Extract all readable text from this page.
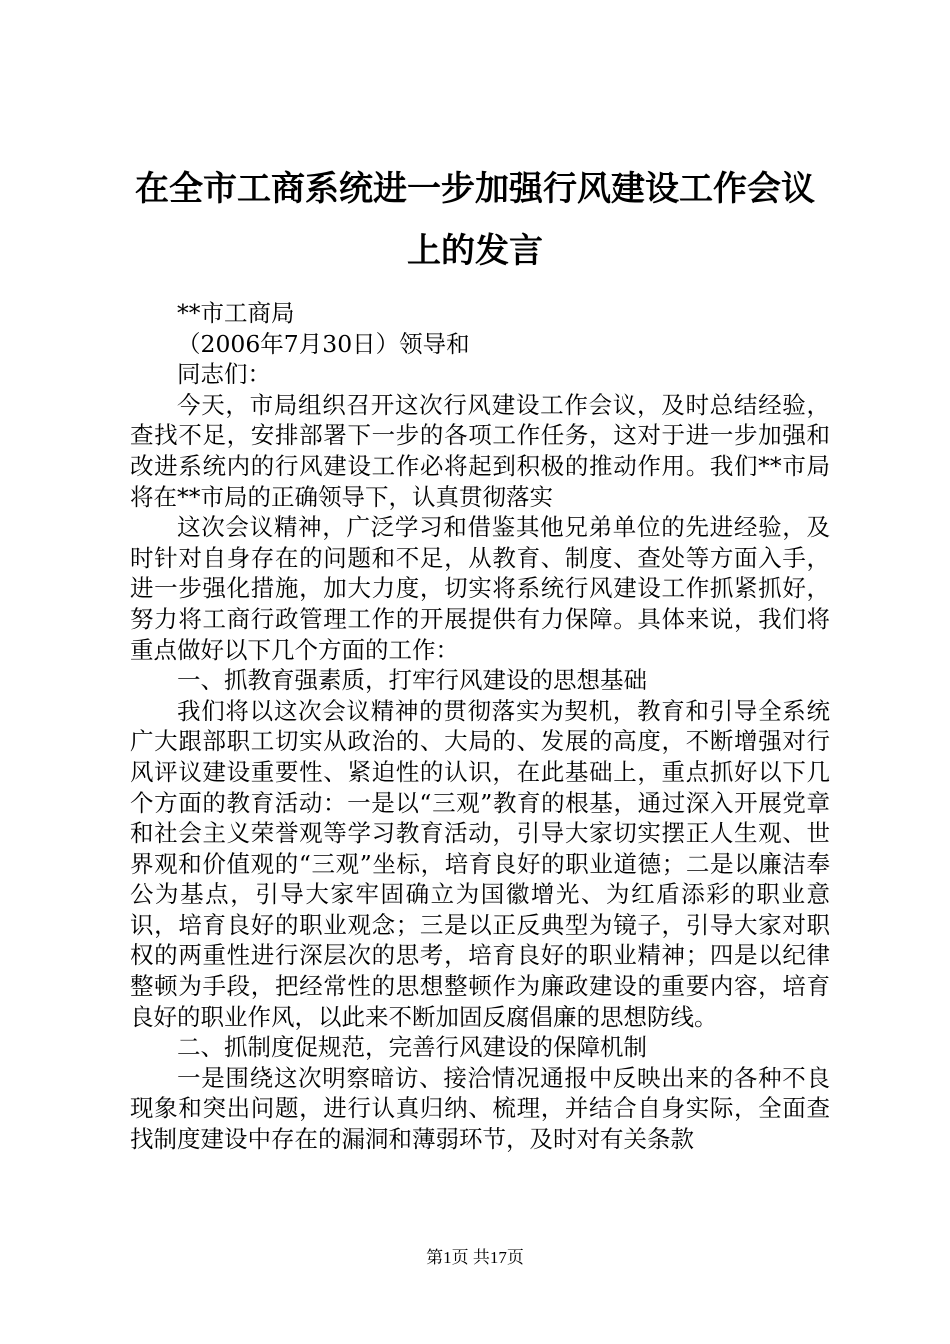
在全市工商系统进一步加强行风建设工作会议
上的发言

**市工商局

（2006年7月30日）领导和

同志们：

今天，市局组织召开这次行风建设工作会议，及时总结经验，查找不足，安排部署下一步的各项工作任务，这对于进一步加强和改进系统内的行风建设工作必将起到积极的推动作用。我们**市局将在**市局的正确领导下，认真贯彻落实

这次会议精神，广泛学习和借鉴其他兄弟单位的先进经验，及时针对自身存在的问题和不足，从教育、制度、查处等方面入手，进一步强化措施，加大力度，切实将系统行风建设工作抓紧抓好，努力将工商行政管理工作的开展提供有力保障。具体来说，我们将重点做好以下几个方面的工作：

一、抓教育强素质，打牢行风建设的思想基础

我们将以这次会议精神的贯彻落实为契机，教育和引导全系统广大跟部职工切实从政治的、大局的、发展的高度，不断增强对行风评议建设重要性、紧迫性的认识，在此基础上，重点抓好以下几个方面的教育活动：一是以“三观”教育的根基，通过深入开展党章和社会主义荣誉观等学习教育活动，引导大家切实摆正人生观、世界观和价值观的“三观”坐标，培育良好的职业道德；二是以廉洁奉公为基点，引导大家牢固确立为国徽增光、为红盾添彩的职业意识，培育良好的职业观念；三是以正反典型为镜子，引导大家对职权的两重性进行深层次的思考，培育良好的职业精神；四是以纪律整顿为手段，把经常性的思想整顿作为廉政建设的重要内容，培育良好的职业作风，以此来不断加固反腐倡廉的思想防线。

二、抓制度促规范，完善行风建设的保障机制

一是围绕这次明察暗访、接洽情况通报中反映出来的各种不良现象和突出问题，进行认真归纳、梳理，并结合自身实际，全面查找制度建设中存在的漏洞和薄弱环节，及时对有关条款

第1页 共17页
